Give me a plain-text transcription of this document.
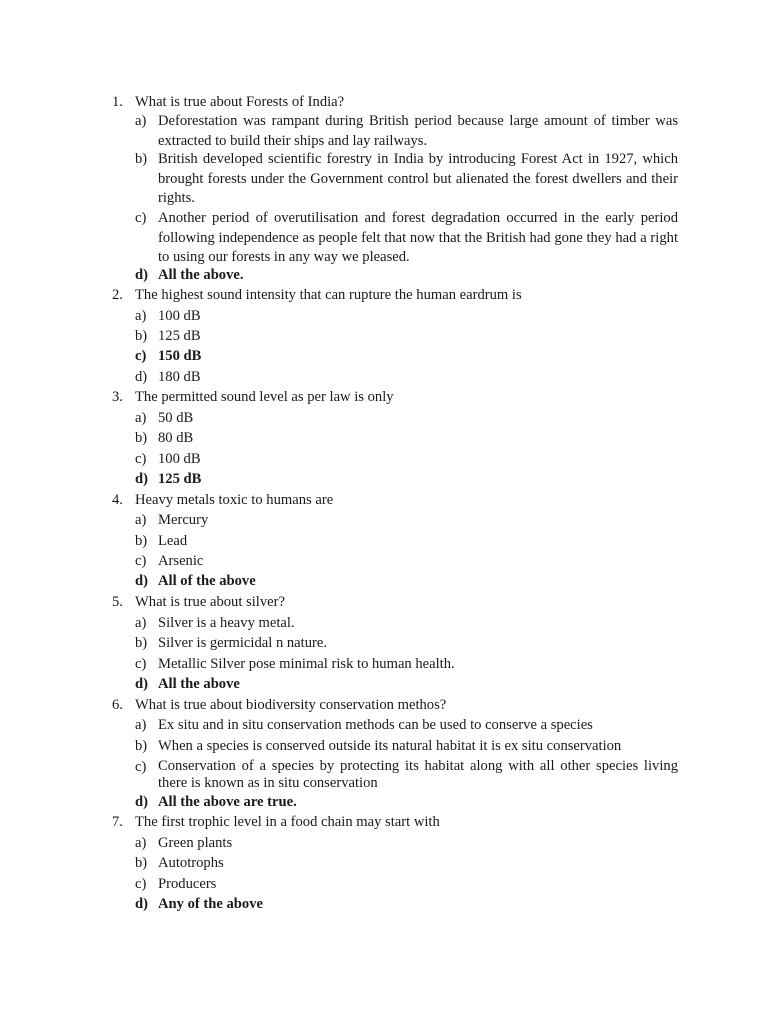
1. What is true about Forests of India?
a) Deforestation was rampant during British period because large amount of timber was extracted to build their ships and lay railways.
b) British developed scientific forestry in India by introducing Forest Act in 1927, which brought forests under the Government control but alienated the forest dwellers and their rights.
c) Another period of overutilisation and forest degradation occurred in the early period following independence as people felt that now that the British had gone they had a right to using our forests in any way we pleased.
d) All the above.
2. The highest sound intensity that can rupture the human eardrum is
a) 100 dB
b) 125 dB
c) 150 dB
d) 180 dB
3. The permitted sound level as per law is only
a) 50 dB
b) 80 dB
c) 100 dB
d) 125 dB
4. Heavy metals toxic to humans are
a) Mercury
b) Lead
c) Arsenic
d) All of the above
5. What is true about silver?
a) Silver is a heavy metal.
b) Silver is germicidal n nature.
c) Metallic Silver pose minimal risk to human health.
d) All the above
6. What is true about biodiversity conservation methos?
a) Ex situ and in situ conservation methods can be used to conserve a species
b) When a species is conserved outside its natural habitat it is ex situ conservation
c) Conservation of a species by protecting its habitat along with all other species living there is known as in situ conservation
d) All the above are true.
7. The first trophic level in a food chain may start with
a) Green plants
b) Autotrophs
c) Producers
d) Any of the above
